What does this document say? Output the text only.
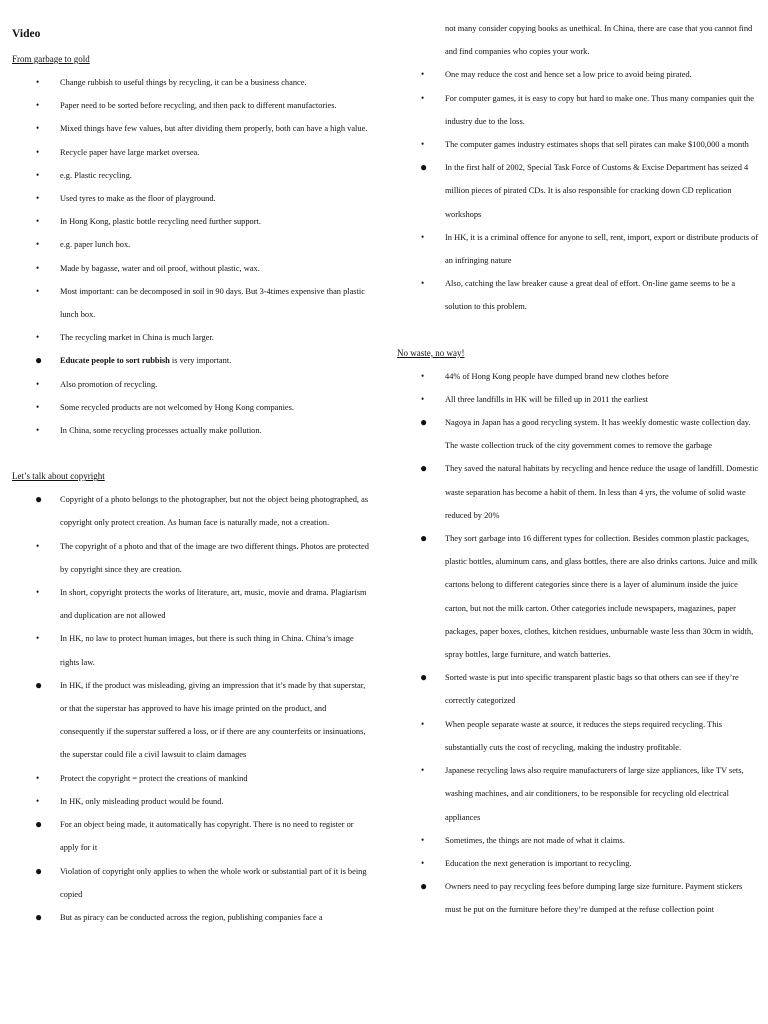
Video
From garbage to gold
• Change rubbish to useful things by recycling, it can be a business chance.
• Paper need to be sorted before recycling, and then pack to different manufactories.
• Mixed things have few values, but after dividing them properly, both can have a high value.
• Recycle paper have large market oversea.
• e.g. Plastic recycling.
• Used tyres to make as the floor of playground.
• In Hong Kong, plastic bottle recycling need further support.
• e.g. paper lunch box.
• Made by bagasse, water and oil proof, without plastic, wax.
• Most important: can be decomposed in soil in 90 days. But 3-4times expensive than plastic lunch box.
• The recycling market in China is much larger.
● Educate people to sort rubbish is very important.
• Also promotion of recycling.
• Some recycled products are not welcomed by Hong Kong companies.
• In China, some recycling processes actually make pollution.
Let’s talk about copyright
● Copyright of a photo belongs to the photographer, but not the object being photographed, as copyright only protect creation. As human face is naturally made, not a creation.
• The copyright of a photo and that of the image are two different things. Photos are protected by copyright since they are creation.
• In short, copyright protects the works of literature, art, music, movie and drama. Plagiarism and duplication are not allowed
• In HK, no law to protect human images, but there is such thing in China. China’s image rights law.
● In HK, if the product was misleading, giving an impression that it’s made by that superstar, or that the superstar has approved to have his image printed on the product, and consequently if the superstar suffered a loss, or if there are any counterfeits or insinuations, the superstar could file a civil lawsuit to claim damages
• Protect the copyright = protect the creations of mankind
• In HK, only misleading product would be found.
● For an object being made, it automatically has copyright. There is no need to register or apply for it
● Violation of copyright only applies to when the whole work or substantial part of it is being copied
● But as piracy can be conducted across the region, publishing companies face a
not many consider copying books as unethical. In China, there are case that you cannot find and find companies who copies your work.
• One may reduce the cost and hence set a low price to avoid being pirated.
• For computer games, it is easy to copy but hard to make one. Thus many companies quit the industry due to the loss.
• The computer games industry estimates shops that sell pirates can make $100,000 a month
● In the first half of 2002, Special Task Force of Customs & Excise Department has seized 4 million pieces of pirated CDs. It is also responsible for cracking down CD replication workshops
• In HK, it is a criminal offence for anyone to sell, rent, import, export or distribute products of an infringing nature
• Also, catching the law breaker cause a great deal of effort. On-line game seems to be a solution to this problem.
No waste, no way!
• 44% of Hong Kong people have dumped brand new clothes before
• All three landfills in HK will be filled up in 2011 the earliest
● Nagoya in Japan has a good recycling system. It has weekly domestic waste collection day. The waste collection truck of the city government comes to remove the garbage
● They saved the natural habitats by recycling and hence reduce the usage of landfill. Domestic waste separation has become a habit of them. In less than 4 yrs, the volume of solid waste reduced by 20%
● They sort garbage into 16 different types for collection. Besides common plastic packages, plastic bottles, aluminum cans, and glass bottles, there are also drinks cartons. Juice and milk cartons belong to different categories since there is a layer of aluminum inside the juice carton, but not the milk carton. Other categories include newspapers, magazines, paper packages, paper boxes, clothes, kitchen residues, unburnable waste less than 30cm in width, spray bottles, large furniture, and watch batteries.
● Sorted waste is put into specific transparent plastic bags so that others can see if they’re correctly categorized
• When people separate waste at source, it reduces the steps required recycling. This substantially cuts the cost of recycling, making the industry profitable.
• Japanese recycling laws also require manufacturers of large size appliances, like TV sets, washing machines, and air conditioners, to be responsible for recycling old electrical appliances
• Sometimes, the things are not made of what it claims.
• Education the next generation is important to recycling.
● Owners need to pay recycling fees before dumping large size furniture. Payment stickers must be put on the furniture before they’re dumped at the refuse collection point
